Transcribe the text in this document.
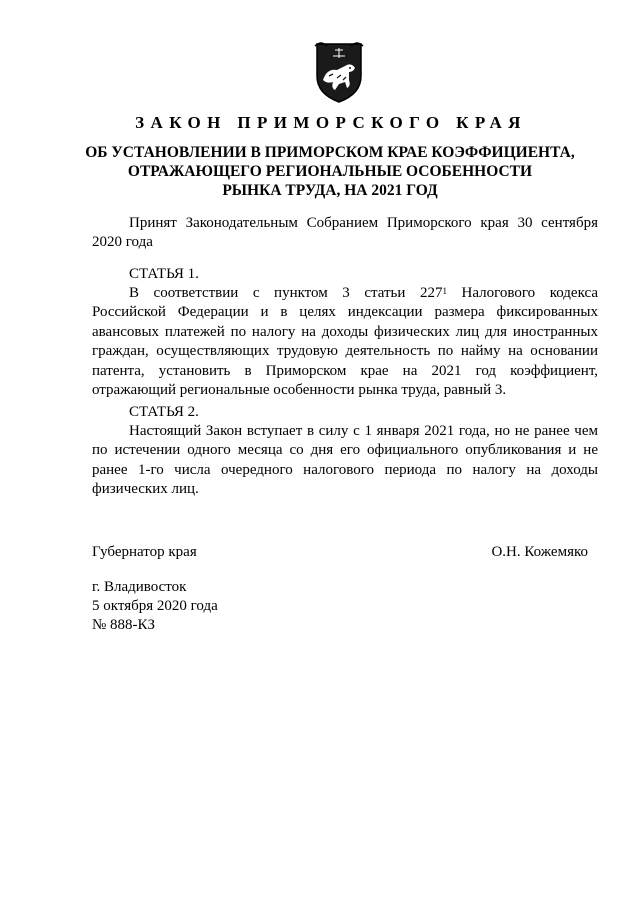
ЗАКОН ПРИМОРСКОГО КРАЯ
ОБ УСТАНОВЛЕНИИ В ПРИМОРСКОМ КРАЕ КОЭФФИЦИЕНТА,
ОТРАЖАЮЩЕГО РЕГИОНАЛЬНЫЕ ОСОБЕННОСТИ
РЫНКА ТРУДА, НА 2021 ГОД
Принят Законодательным Собранием Приморского края 30 сентября
2020 года
СТАТЬЯ 1.
В соответствии с пунктом 3 статьи $227^1$ Налогового кодекса
Российской Федерации и в целях индексации размера фиксированных
авансовых платежей по налогу на доходы физических лиц для иностранных
граждан, осуществляющих трудовую деятельность по найму на основании
патента, установить в Приморском крае на 2021 год коэффициент,
отражающий региональные особенности рынка труда, равный 3.
СТАТЬЯ 2.
Настоящий Закон вступает в силу с 1 января 2021 года, но не ранее чем
по истечении одного месяца со дня его официального опубликования и не
ранее 1-го числа очередного налогового периода по налогу на доходы
физических лиц.
Губернатор края	О.Н. Кожемяко
г. Владивосток
5 октября 2020 года
№ 888-КЗ
